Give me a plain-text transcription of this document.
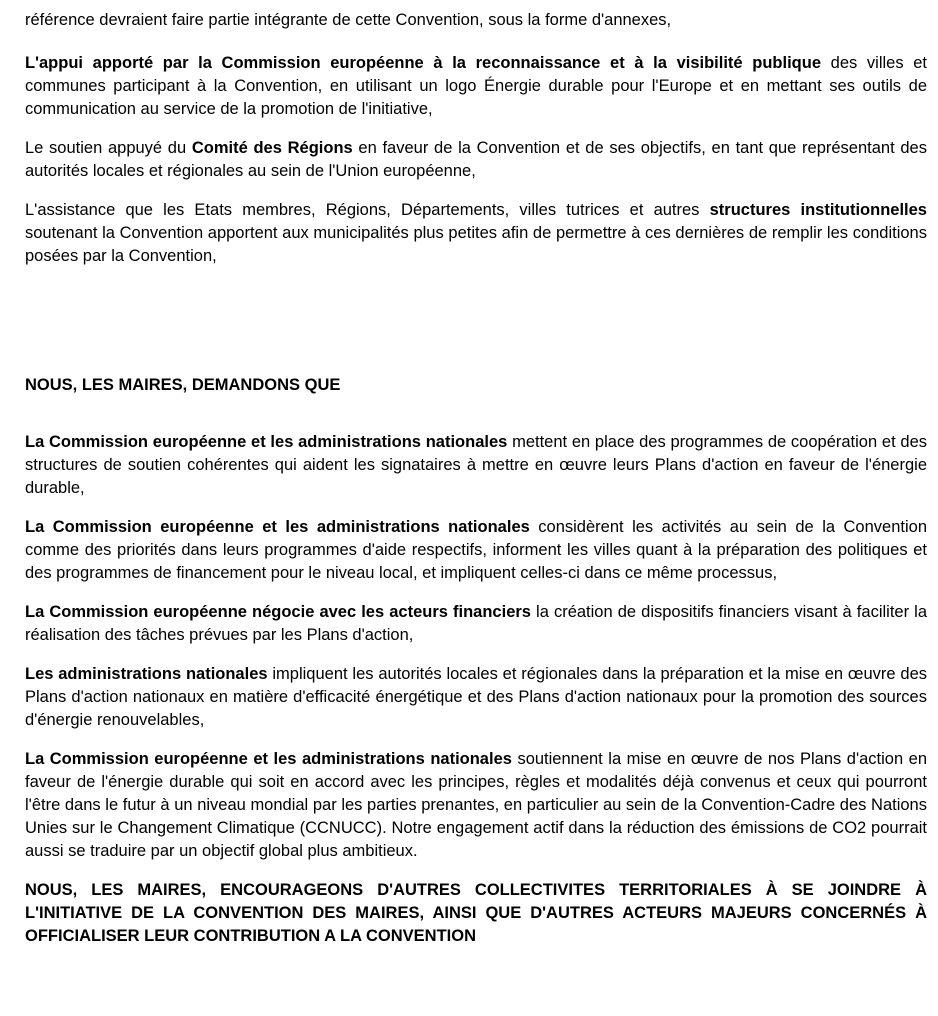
référence devraient faire partie intégrante de cette Convention, sous la forme d'annexes,

L'appui apporté par la Commission européenne à la reconnaissance et à la visibilité publique des villes et communes participant à la Convention, en utilisant un logo Énergie durable pour l'Europe et en mettant ses outils de communication au service de la promotion de l'initiative,

Le soutien appuyé du Comité des Régions en faveur de la Convention et de ses objectifs, en tant que représentant des autorités locales et régionales au sein de l'Union européenne,

L'assistance que les Etats membres, Régions, Départements, villes tutrices et autres structures institutionnelles soutenant la Convention apportent aux municipalités plus petites afin de permettre à ces dernières de remplir les conditions posées par la Convention,

NOUS, LES MAIRES, DEMANDONS QUE

La Commission européenne et les administrations nationales mettent en place des programmes de coopération et des structures de soutien cohérentes qui aident les signataires à mettre en œuvre leurs Plans d'action en faveur de l'énergie durable,

La Commission européenne et les administrations nationales considèrent les activités au sein de la Convention comme des priorités dans leurs programmes d'aide respectifs, informent les villes quant à la préparation des politiques et des programmes de financement pour le niveau local, et impliquent celles-ci dans ce même processus,

La Commission européenne négocie avec les acteurs financiers la création de dispositifs financiers visant à faciliter la réalisation des tâches prévues par les Plans d'action,

Les administrations nationales impliquent les autorités locales et régionales dans la préparation et la mise en œuvre des Plans d'action nationaux en matière d'efficacité énergétique et des Plans d'action nationaux pour la promotion des sources d'énergie renouvelables,

La Commission européenne et les administrations nationales soutiennent la mise en œuvre de nos Plans d'action en faveur de l'énergie durable qui soit en accord avec les principes, règles et modalités déjà convenus et ceux qui pourront l'être dans le futur à un niveau mondial par les parties prenantes, en particulier au sein de la Convention-Cadre des Nations Unies sur le Changement Climatique (CCNUCC). Notre engagement actif dans la réduction des émissions de CO2 pourrait aussi se traduire par un objectif global plus ambitieux.

NOUS, LES MAIRES, ENCOURAGEONS D'AUTRES COLLECTIVITES TERRITORIALES À SE JOINDRE À L'INITIATIVE DE LA CONVENTION DES MAIRES, AINSI QUE D'AUTRES ACTEURS MAJEURS CONCERNÉS À OFFICIALISER LEUR CONTRIBUTION A LA CONVENTION
